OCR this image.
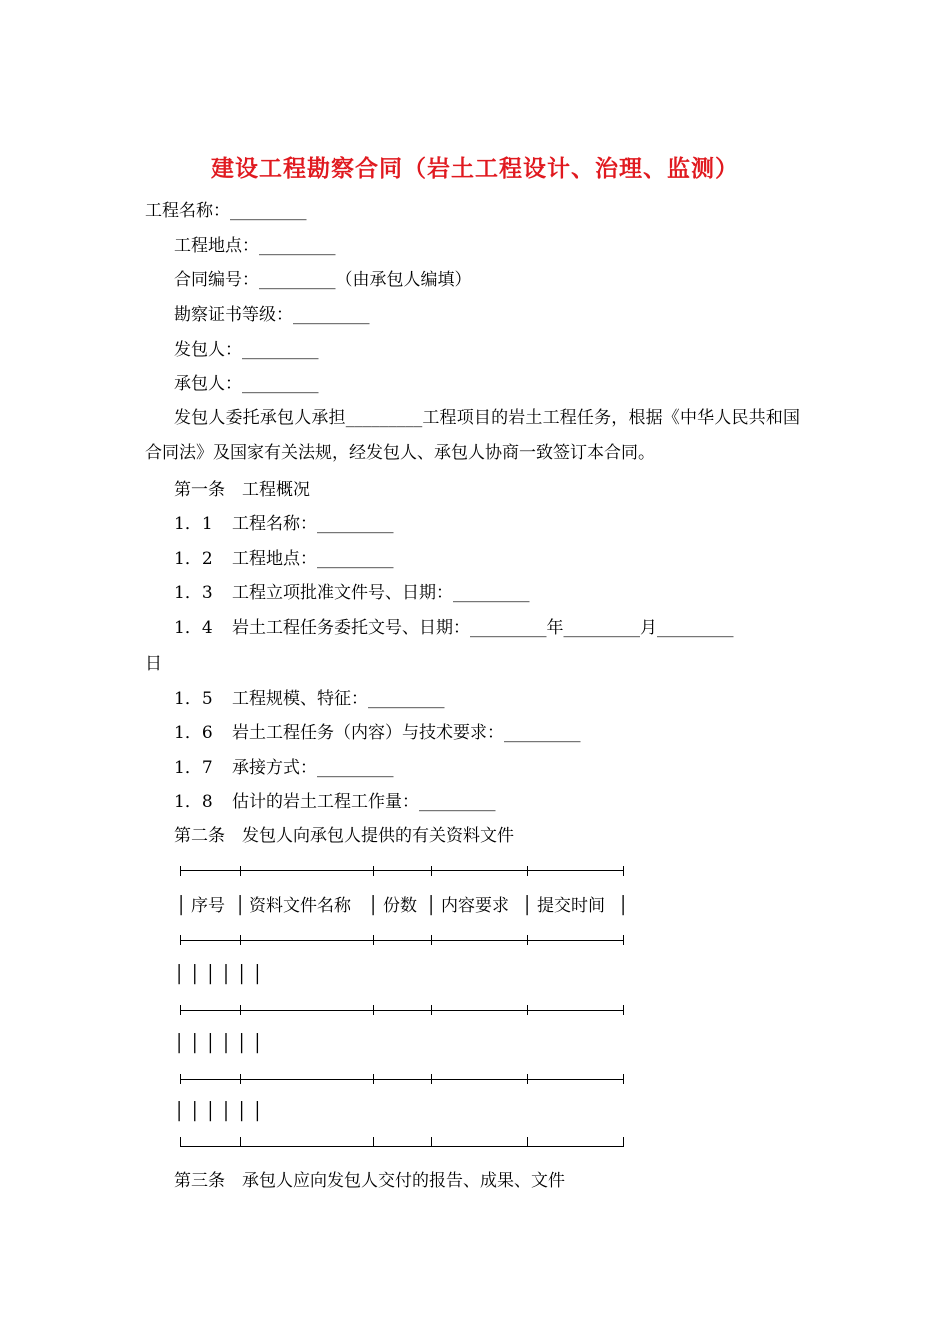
建设工程勘察合同（岩土工程设计、治理、监测）
工程名称：_________
工程地点：_________
合同编号：_________（由承包人编填）
勘察证书等级：_________
发包人：_________
承包人：_________
发包人委托承包人承担_________工程项目的岩土工程任务，根据《中华人民共和国合同法》及国家有关法规，经发包人、承包人协商一致签订本合同。
第一条　工程概况
1．1 工程名称：_________
1．2 工程地点：_________
1．3 工程立项批准文件号、日期：_________
1．4 岩土工程任务委托文号、日期：_________年_________月_________
日
1．5 工程规模、特征：_________
1．6 岩土工程任务（内容）与技术要求：_________
1．7 承接方式：_________
1．8 估计的岩土工程工作量：_________
第二条　发包人向承包人提供的有关资料文件
│ 序号 │ 资料文件名称 │ 份数 │ 内容要求 │ 提交时间 │
│ │ │ │ │ │
│ │ │ │ │ │
│ │ │ │ │ │
第三条　承包人应向发包人交付的报告、成果、文件
